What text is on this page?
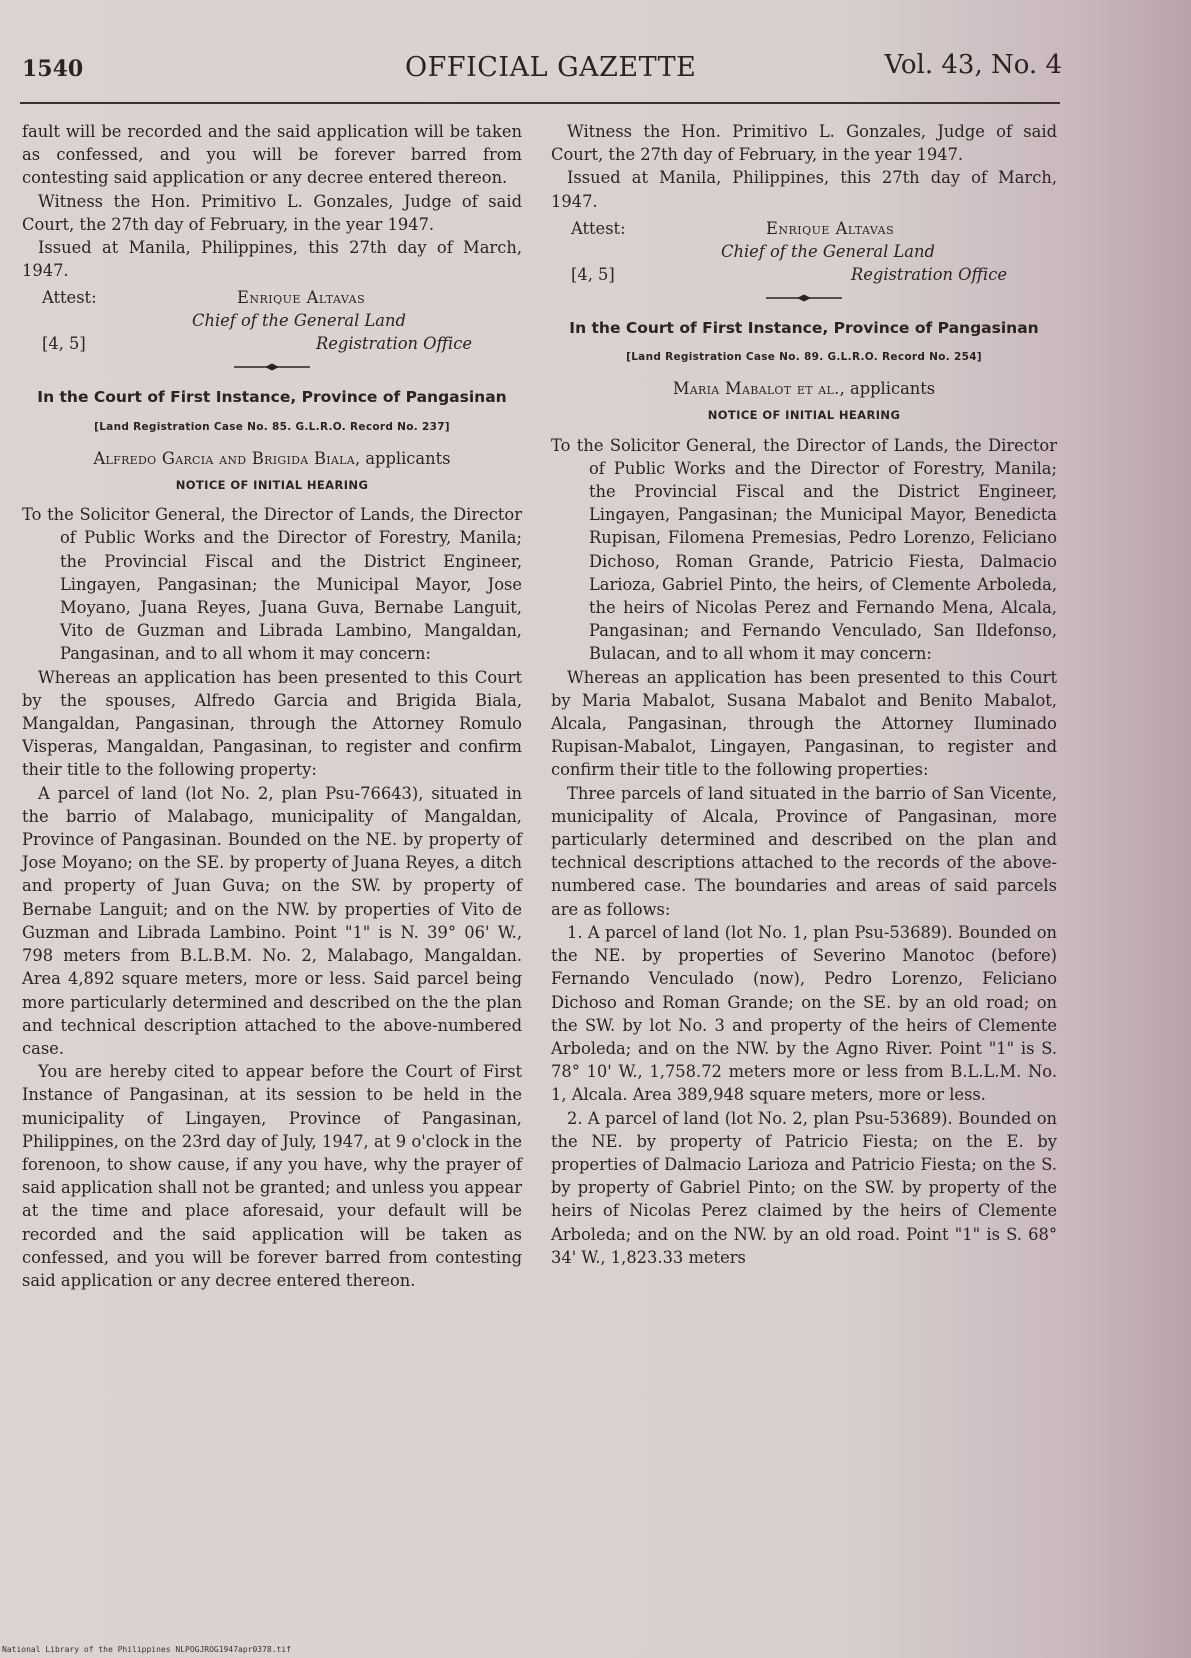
1540	OFFICIAL GAZETTE	Vol. 43, No. 4

fault will be recorded and the said application will be taken as confessed, and you will be forever barred from contesting said application or any decree entered thereon.

Witness the Hon. Primitivo L. Gonzales, Judge of said Court, the 27th day of February, in the year 1947.

Issued at Manila, Philippines, this 27th day of March, 1947.

Attest:	Enrique Altavas
Chief of the General Land
[4, 5]	Registration Office

In the Court of First Instance, Province of Pangasinan

[Land Registration Case No. 85. G.L.R.O. Record No. 237]

Alfredo Garcia and Brigida Biala, applicants

NOTICE OF INITIAL HEARING

To the Solicitor General, the Director of Lands, the Director of Public Works and the Director of Forestry, Manila; the Provincial Fiscal and the District Engineer, Lingayen, Pangasinan; the Municipal Mayor, Jose Moyano, Juana Reyes, Juana Guva, Bernabe Languit, Vito de Guzman and Librada Lambino, Mangaldan, Pangasinan, and to all whom it may concern:

Whereas an application has been presented to this Court by the spouses, Alfredo Garcia and Brigida Biala, Mangaldan, Pangasinan, through the Attorney Romulo Visperas, Mangaldan, Pangasinan, to register and confirm their title to the following property:

A parcel of land (lot No. 2, plan Psu-76643), situated in the barrio of Malabago, municipality of Mangaldan, Province of Pangasinan. Bounded on the NE. by property of Jose Moyano; on the SE. by property of Juana Reyes, a ditch and property of Juan Guva; on the SW. by property of Bernabe Languit; and on the NW. by properties of Vito de Guzman and Librada Lambino. Point "1" is N. 39° 06' W., 798 meters from B.L.B.M. No. 2, Malabago, Mangaldan. Area 4,892 square meters, more or less. Said parcel being more particularly determined and described on the the plan and technical description attached to the above-numbered case.

You are hereby cited to appear before the Court of First Instance of Pangasinan, at its session to be held in the municipality of Lingayen, Province of Pangasinan, Philippines, on the 23rd day of July, 1947, at 9 o'clock in the forenoon, to show cause, if any you have, why the prayer of said application shall not be granted; and unless you appear at the time and place aforesaid, your default will be recorded and the said application will be taken as confessed, and you will be forever barred from contesting said application or any decree entered thereon.

Witness the Hon. Primitivo L. Gonzales, Judge of said Court, the 27th day of February, in the year 1947.

Issued at Manila, Philippines, this 27th day of March, 1947.

Attest:	Enrique Altavas
Chief of the General Land
[4, 5]	Registration Office

In the Court of First Instance, Province of Pangasinan

[Land Registration Case No. 89. G.L.R.O. Record No. 254]

Maria Mabalot et al., applicants

NOTICE OF INITIAL HEARING

To the Solicitor General, the Director of Lands, the Director of Public Works and the Director of Forestry, Manila; the Provincial Fiscal and the District Engineer, Lingayen, Pangasinan; the Municipal Mayor, Benedicta Rupisan, Filomena Premesias, Pedro Lorenzo, Feliciano Dichoso, Roman Grande, Patricio Fiesta, Dalmacio Larioza, Gabriel Pinto, the heirs, of Clemente Arboleda, the heirs of Nicolas Perez and Fernando Mena, Alcala, Pangasinan; and Fernando Venculado, San Ildefonso, Bulacan, and to all whom it may concern:

Whereas an application has been presented to this Court by Maria Mabalot, Susana Mabalot and Benito Mabalot, Alcala, Pangasinan, through the Attorney Iluminado Rupisan-Mabalot, Lingayen, Pangasinan, to register and confirm their title to the following properties:

Three parcels of land situated in the barrio of San Vicente, municipality of Alcala, Province of Pangasinan, more particularly determined and described on the plan and technical descriptions attached to the records of the above-numbered case. The boundaries and areas of said parcels are as follows:

1. A parcel of land (lot No. 1, plan Psu-53689). Bounded on the NE. by properties of Severino Manotoc (before) Fernando Venculado (now), Pedro Lorenzo, Feliciano Dichoso and Roman Grande; on the SE. by an old road; on the SW. by lot No. 3 and property of the heirs of Clemente Arboleda; and on the NW. by the Agno River. Point "1" is S. 78° 10' W., 1,758.72 meters more or less from B.L.L.M. No. 1, Alcala. Area 389,948 square meters, more or less.

2. A parcel of land (lot No. 2, plan Psu-53689). Bounded on the NE. by property of Patricio Fiesta; on the E. by properties of Dalmacio Larioza and Patricio Fiesta; on the S. by property of Gabriel Pinto; on the SW. by property of the heirs of Nicolas Perez claimed by the heirs of Clemente Arboleda; and on the NW. by an old road. Point "1" is S. 68° 34' W., 1,823.33 meters

National Library of the Philippines NLPOGJROG1947apr0378.tif
